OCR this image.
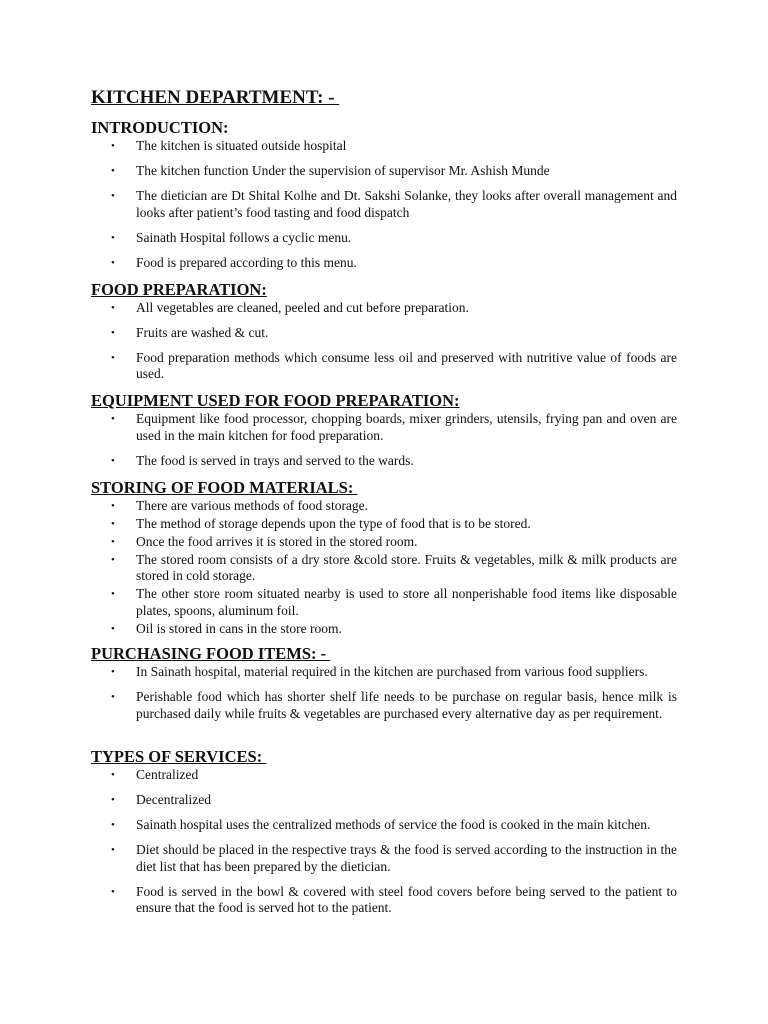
KITCHEN DEPARTMENT: -
INTRODUCTION:
• The kitchen is situated outside hospital
• The kitchen function Under the supervision of supervisor Mr. Ashish Munde
• The dietician are Dt Shital Kolhe and Dt. Sakshi Solanke, they looks after overall management and looks after patient’s food tasting and food dispatch
• Sainath Hospital follows a cyclic menu.
• Food is prepared according to this menu.
FOOD PREPARATION:
• All vegetables are cleaned, peeled and cut before preparation.
• Fruits are washed & cut.
• Food preparation methods which consume less oil and preserved with nutritive value of foods are used.
EQUIPMENT USED FOR FOOD PREPARATION:
• Equipment like food processor, chopping boards, mixer grinders, utensils, frying pan and oven are used in the main kitchen for food preparation.
• The food is served in trays and served to the wards.
STORING OF FOOD MATERIALS:
• There are various methods of food storage.
• The method of storage depends upon the type of food that is to be stored.
• Once the food arrives it is stored in the stored room.
• The stored room consists of a dry store &cold store. Fruits & vegetables, milk & milk products are stored in cold storage.
• The other store room situated nearby is used to store all nonperishable food items like disposable plates, spoons, aluminum foil.
• Oil is stored in cans in the store room.
PURCHASING FOOD ITEMS: -
• In Sainath hospital, material required in the kitchen are purchased from various food suppliers.
• Perishable food which has shorter shelf life needs to be purchase on regular basis, hence milk is purchased daily while fruits & vegetables are purchased every alternative day as per requirement.
TYPES OF SERVICES:
• Centralized
• Decentralized
• Sainath hospital uses the centralized methods of service the food is cooked in the main kitchen.
• Diet should be placed in the respective trays & the food is served according to the instruction in the diet list that has been prepared by the dietician.
• Food is served in the bowl & covered with steel food covers before being served to the patient to ensure that the food is served hot to the patient.
